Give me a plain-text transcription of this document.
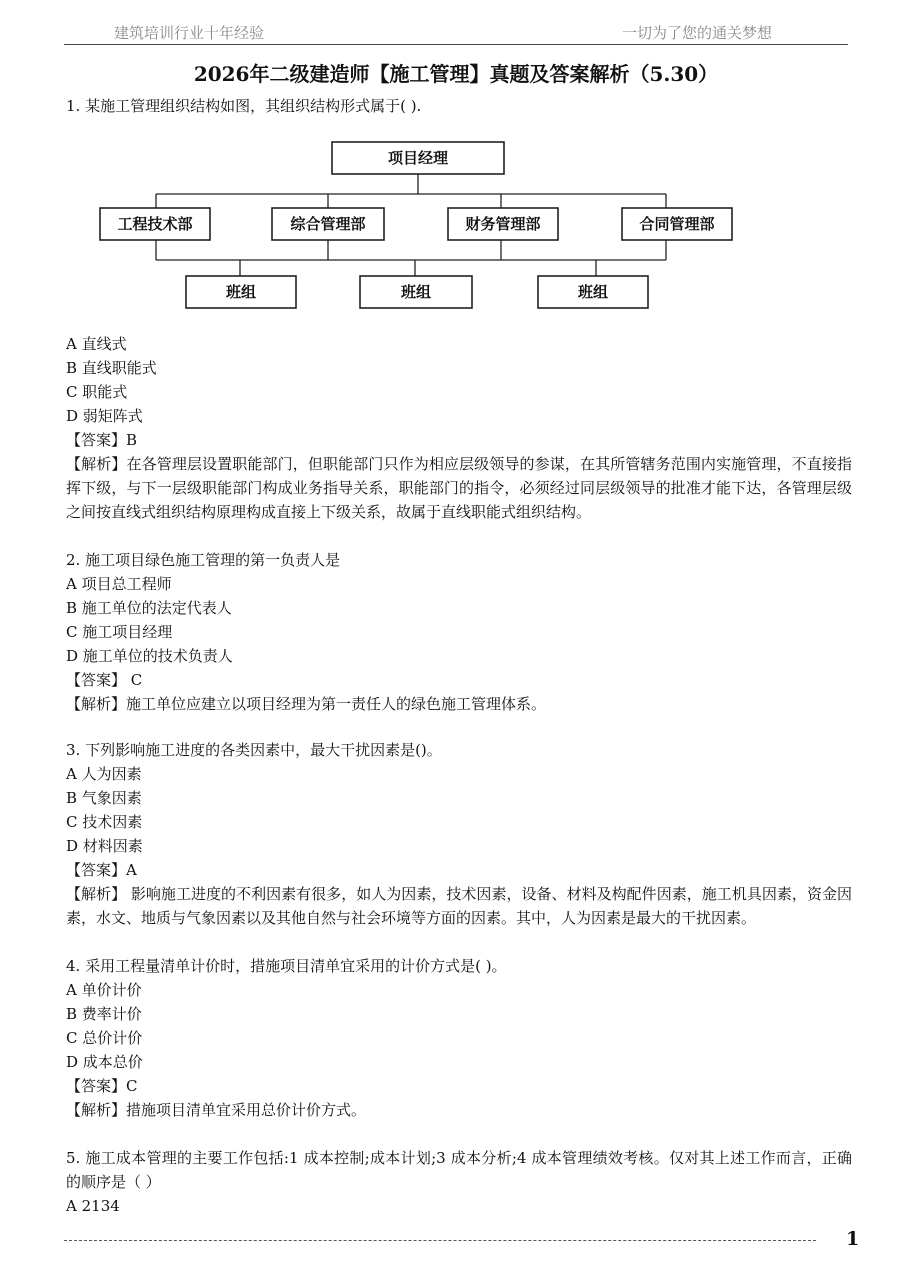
建筑培训行业十年经验	一切为了您的通关梦想
2026年二级建造师【施工管理】真题及答案解析（5.30）
1. 某施工管理组织结构如图，其组织结构形式属于( ).
项目经理
工程技术部	综合管理部	财务管理部	合同管理部
班组	班组	班组
A 直线式
B 直线职能式
C 职能式
D 弱矩阵式
【答案】B
【解析】在各管理层设置职能部门，但职能部门只作为相应层级领导的参谋，在其所管辖务范围内实施管理，不直接指挥下级，与下一层级职能部门构成业务指导关系，职能部门的指令，必须经过同层级领导的批准才能下达，各管理层级之间按直线式组织结构原理构成直接上下级关系，故属于直线职能式组织结构。
2. 施工项目绿色施工管理的第一负责人是
A 项目总工程师
B 施工单位的法定代表人
C 施工项目经理
D 施工单位的技术负责人
【答案】 C
【解析】施工单位应建立以项目经理为第一责任人的绿色施工管理体系。
3. 下列影响施工进度的各类因素中，最大干扰因素是()。
A 人为因素
B 气象因素
C 技术因素
D 材料因素
【答案】A
【解析】 影响施工进度的不利因素有很多，如人为因素，技术因素，设备、材料及构配件因素，施工机具因素，资金因素，水文、地质与气象因素以及其他自然与社会环境等方面的因素。其中，人为因素是最大的干扰因素。
4. 采用工程量清单计价时，措施项目清单宜采用的计价方式是( )。
A 单价计价
B 费率计价
C 总价计价
D 成本总价
【答案】C
【解析】措施项目清单宜采用总价计价方式。
5. 施工成本管理的主要工作包括:1 成本控制;成本计划;3 成本分析;4 成本管理绩效考核。仅对其上述工作而言，正确的顺序是（ ）
A 2134
1
